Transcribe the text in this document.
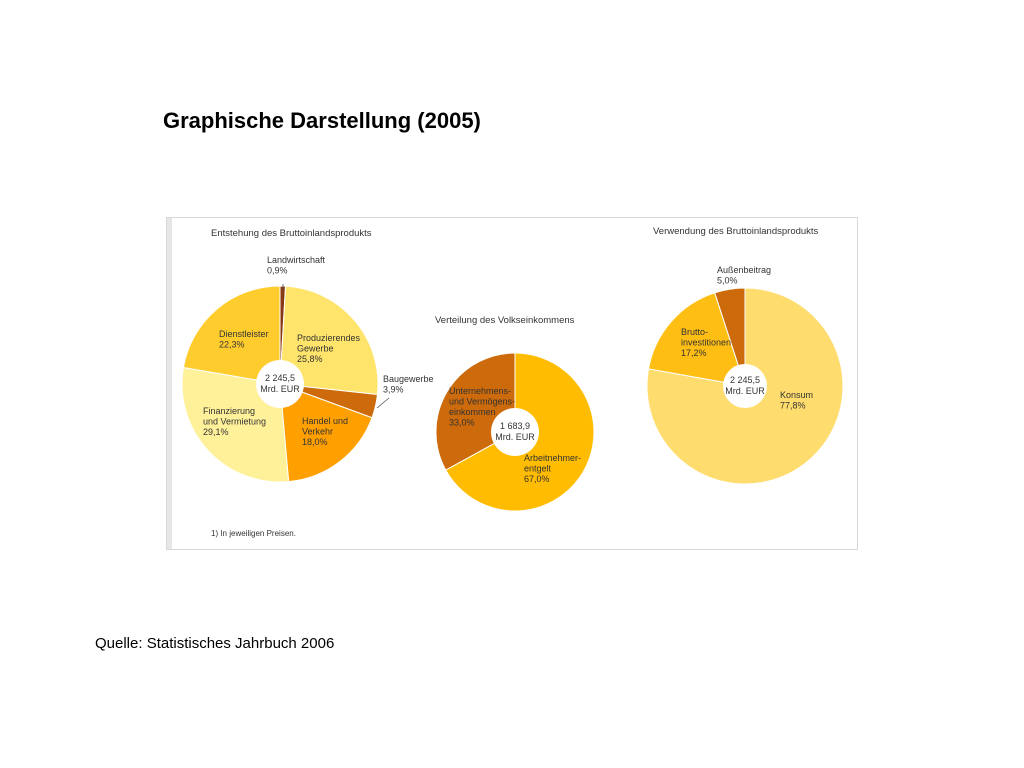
Graphische Darstellung (2005)
Entstehung des Bruttoinlandsprodukts
Verteilung des Volkseinkommens
Verwendung des Bruttoinlandsprodukts
1) In jeweiligen Preisen.
2 245,5
Mrd. EUR
Landwirtschaft 0,9%
Produzierendes Gewerbe 25,8%
Baugewerbe 3,9%
Handel und Verkehr 18,0%
Finanzierung und Vermietung 29,1%
Dienstleister 22,3%
1 683,9
Mrd. EUR
Arbeitnehmer-entgelt 67,0%
Unternehmens-und Vermögens-einkommen 33,0%
2 245,5
Mrd. EUR Konsum 77,8%
Brutto-investitionen 17,2%
Außenbeitrag 5,0%
Quelle: Statistisches Jahrbuch 2006
